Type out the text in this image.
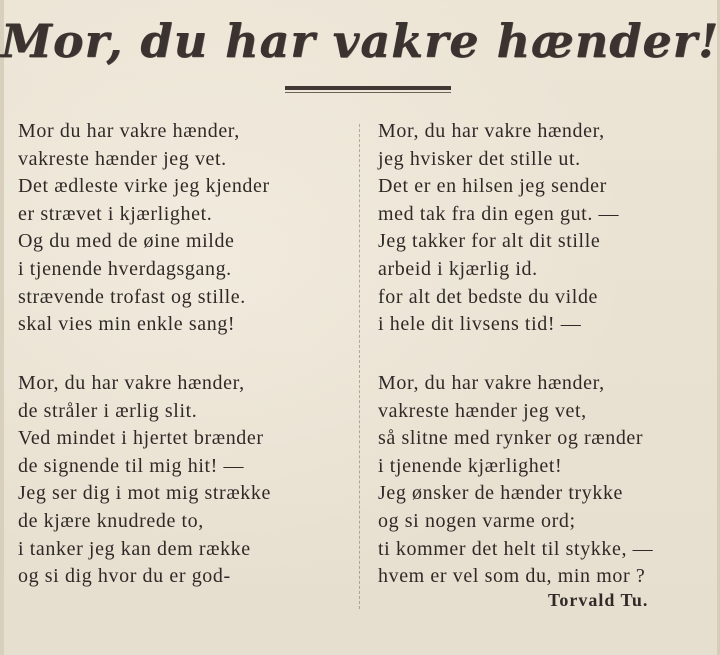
Mor, du har vakre hænder!
Mor du har vakre hænder,
vakreste hænder jeg vet.
Det ædleste virke jeg kjender
er strævet i kjærlighet.
Og du med de øine milde
i tjenende hverdagsgang.
strævende trofast og stille.
skal vies min enkle sang!
Mor, du har vakre hænder,
de stråler i ærlig slit.
Ved mindet i hjertet brænder
de signende til mig hit! —
Jeg ser dig i mot mig strække
de kjære knudrede to,
i tanker jeg kan dem række
og si dig hvor du er god-
Mor, du har vakre hænder,
jeg hvisker det stille ut.
Det er en hilsen jeg sender
med tak fra din egen gut. —
Jeg takker for alt dit stille
arbeid i kjærlig id.
for alt det bedste du vilde
i hele dit livsens tid! —
Mor, du har vakre hænder,
vakreste hænder jeg vet,
så slitne med rynker og rænder
i tjenende kjærlighet!
Jeg ønsker de hænder trykke
og si nogen varme ord;
ti kommer det helt til stykke, —
hvem er vel som du, min mor ?
Torvald Tu.
